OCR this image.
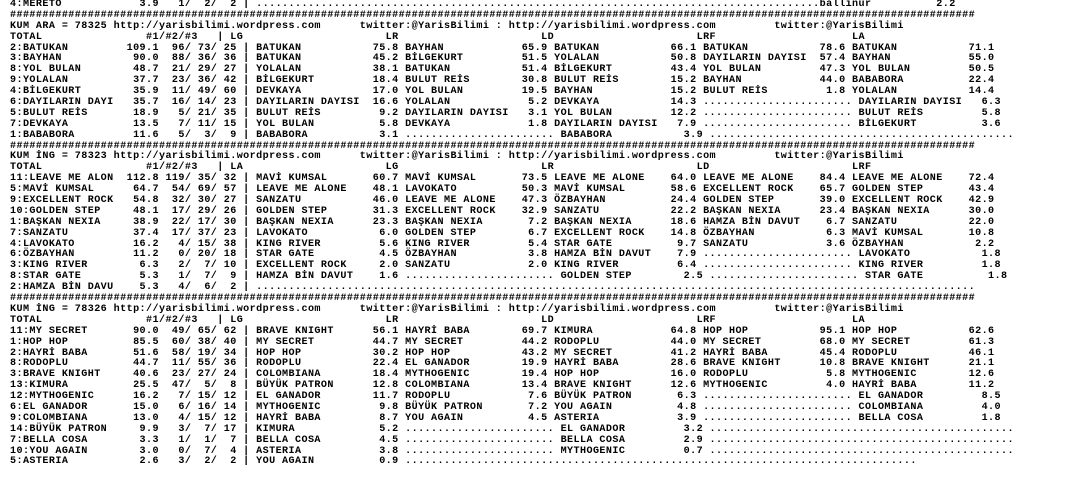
4:MERETO            3.9   1/  2/  2 | .......................................................................................ballinur          2.2
#####################################################################################################################################################
KUM ARA = 78325 http://yarisbilimi.wordpress.com      twitter:@YarisBilimi : http://yarisbilimi.wordpress.com         twitter:@YarisBilimi
TOTAL                #1/#2/#3   | LG                      LR                      LD                      LRF                     LA
2:BATUKAN         109.1  96/ 73/ 25 | BATUKAN           75.8 BAYHAN            65.9 BATUKAN           66.1 BATUKAN           78.6 BATUKAN           71.1
3:BAYHAN           90.0  88/ 36/ 36 | BATUKAN           45.2 BİLGEKURT         51.5 YOLALAN           50.8 DAYILARIN DAYISI  57.4 BAYHAN            55.0
8:YOL BULAN        48.7  21/ 29/ 27 | YOLALAN           38.1 BATUKAN           51.4 BİLGEKURT         43.4 YOL BULAN         47.3 YOL BULAN         50.5
9:YOLALAN          37.7  23/ 36/ 42 | BİLGEKURT         18.4 BULUT REİS        30.8 BULUT REİS        15.2 BAYHAN            44.0 BABABORA          22.4
4:BİLGEKURT        35.9  11/ 49/ 60 | DEVKAYA           17.0 YOL BULAN         19.5 BAYHAN            15.2 BULUT REİS         1.8 YOLALAN           14.4
6:DAYILARIN DAYI   35.7  16/ 14/ 23 | DAYILARIN DAYISI  16.6 YOLALAN            5.2 DEVKAYA           14.3 ....................... DAYILARIN DAYISI   6.3
5:BULUT REİS       18.9   5/ 21/ 35 | BULUT REİS         9.2 DAYILARIN DAYISI   3.1 YOL BULAN         12.2 ....................... BULUT REİS         5.8
7:DEVKAYA          13.5   7/ 11/ 15 | YOL BULAN          5.8 DEVKAYA            1.8 DAYILARIN DAYISI   7.9 ....................... BİLGEKURT          3.6
1:BABABORA         11.6   5/  3/  9 | BABABORA           3.1 ....................... BABABORA           3.9 ...............................................
#####################################################################################################################################################
KUM İNG = 78323 http://yarisbilimi.wordpress.com      twitter:@YarisBilimi : http://yarisbilimi.wordpress.com         twitter:@YarisBilimi
TOTAL                #1/#2/#3   | LA                      LG                      LR                      LD                      LRF
11:LEAVE ME ALON  112.8 119/ 35/ 32 | MAVİ KUMSAL       60.7 MAVİ KUMSAL       73.5 LEAVE ME ALONE    64.0 LEAVE ME ALONE    84.4 LEAVE ME ALONE    72.4
5:MAVİ KUMSAL      64.7  54/ 69/ 57 | LEAVE ME ALONE    48.1 LAVOKATO          50.3 MAVİ KUMSAL       58.6 EXCELLENT ROCK    65.7 GOLDEN STEP       43.4
9:EXCELLENT ROCK   54.8  32/ 30/ 27 | SANZATU           46.0 LEAVE ME ALONE    47.3 ÖZBAYHAN          24.4 GOLDEN STEP       39.0 EXCELLENT ROCK    42.9
10:GOLDEN STEP     48.1  17/ 29/ 26 | GOLDEN STEP       31.3 EXCELLENT ROCK    32.9 SANZATU           22.2 BAŞKAN NEXIA      23.4 BAŞKAN NEXIA      30.0
1:BAŞKAN NEXIA     38.9  22/ 17/ 30 | BAŞKAN NEXIA      23.3 BAŞKAN NEXIA       7.2 BAŞKAN NEXIA      18.6 HAMZA BİN DAVUT    6.7 SANZATU           22.0
7:SANZATU          37.4  17/ 37/ 23 | LAVOKATO           6.0 GOLDEN STEP        6.7 EXCELLENT ROCK    14.8 ÖZBAYHAN           6.3 MAVİ KUMSAL       10.8
4:LAVOKATO         16.2   4/ 15/ 38 | KING RIVER         5.6 KING RIVER         5.4 STAR GATE          9.7 SANZATU            3.6 ÖZBAYHAN           2.2
6:ÖZBAYHAN         11.2   0/ 20/ 18 | STAR GATE          4.5 ÖZBAYHAN           3.8 HAMZA BİN DAVUT    7.9 ....................... LAVOKATO           1.8
3:KING RIVER        6.3   2/  7/ 10 | EXCELLENT ROCK     2.0 SANZATU            2.0 KING RIVER         6.4 ....................... KING RIVER         1.8
8:STAR GATE         5.3   1/  7/  9 | HAMZA BİN DAVUT    1.6 ....................... GOLDEN STEP        2.5 ....................... STAR GATE          1.8
2:HAMZA BİN DAVU    5.3   4/  6/  2 | ...............................................................................................................
#####################################################################################################################################################
KUM İNG = 78326 http://yarisbilimi.wordpress.com      twitter:@YarisBilimi : http://yarisbilimi.wordpress.com         twitter:@YarisBilimi
TOTAL                #1/#2/#3   | LG                      LR                      LD                      LRF                     LA
11:MY SECRET       90.0  49/ 65/ 62 | BRAVE KNIGHT      56.1 HAYRİ BABA        69.7 KIMURA            64.8 HOP HOP           95.1 HOP HOP           62.6
1:HOP HOP          85.5  60/ 38/ 40 | MY SECRET         44.7 MY SECRET         44.2 RODOPLU           44.0 MY SECRET         68.0 MY SECRET         61.3
2:HAYRİ BABA       51.6  58/ 19/ 34 | HOP HOP           30.2 HOP HOP           43.2 MY SECRET         41.2 HAYRİ BABA        45.4 RODOPLU           46.1
8:RODOPLU          44.7  11/ 55/ 36 | RODOPLU           22.4 EL GANADOR        19.9 HAYRİ BABA        28.6 BRAVE KNIGHT      10.8 BRAVE KNIGHT      21.1
3:BRAVE KNIGHT     40.6  23/ 27/ 24 | COLOMBIANA        18.4 MYTHOGENIC        19.4 HOP HOP           16.0 RODOPLU            5.8 MYTHOGENIC        12.6
13:KIMURA          25.5  47/  5/  8 | BÜYÜK PATRON      12.8 COLOMBIANA        13.4 BRAVE KNIGHT      12.6 MYTHOGENIC         4.0 HAYRİ BABA        11.2
12:MYTHOGENIC      16.2   7/ 15/ 12 | EL GANADOR        11.7 RODOPLU            7.6 BÜYÜK PATRON       6.3 ....................... EL GANADOR         8.5
6:EL GANADOR       15.0   6/ 16/ 14 | MYTHOGENIC         9.8 BÜYÜK PATRON       7.2 YOU AGAIN          4.8 ....................... COLOMBIANA         4.0
9:COLOMBIANA       13.0   4/ 15/ 12 | HAYRİ BABA         8.7 YOU AGAIN          4.5 ASTERIA            3.9 ....................... BELLA COSA         1.8
14:BÜYÜK PATRON     9.9   3/  7/ 17 | KIMURA             5.2 ....................... EL GANADOR         3.2 ...............................................
7:BELLA COSA        3.3   1/  1/  7 | BELLA COSA         4.5 ....................... BELLA COSA         2.9 ...............................................
10:YOU AGAIN        3.0   0/  7/  4 | ASTERIA            3.8 ....................... MYTHOGENIC         0.7 ...............................................
5:ASTERIA           2.6   3/  2/  2 | YOU AGAIN          0.9 ...............................................................................
